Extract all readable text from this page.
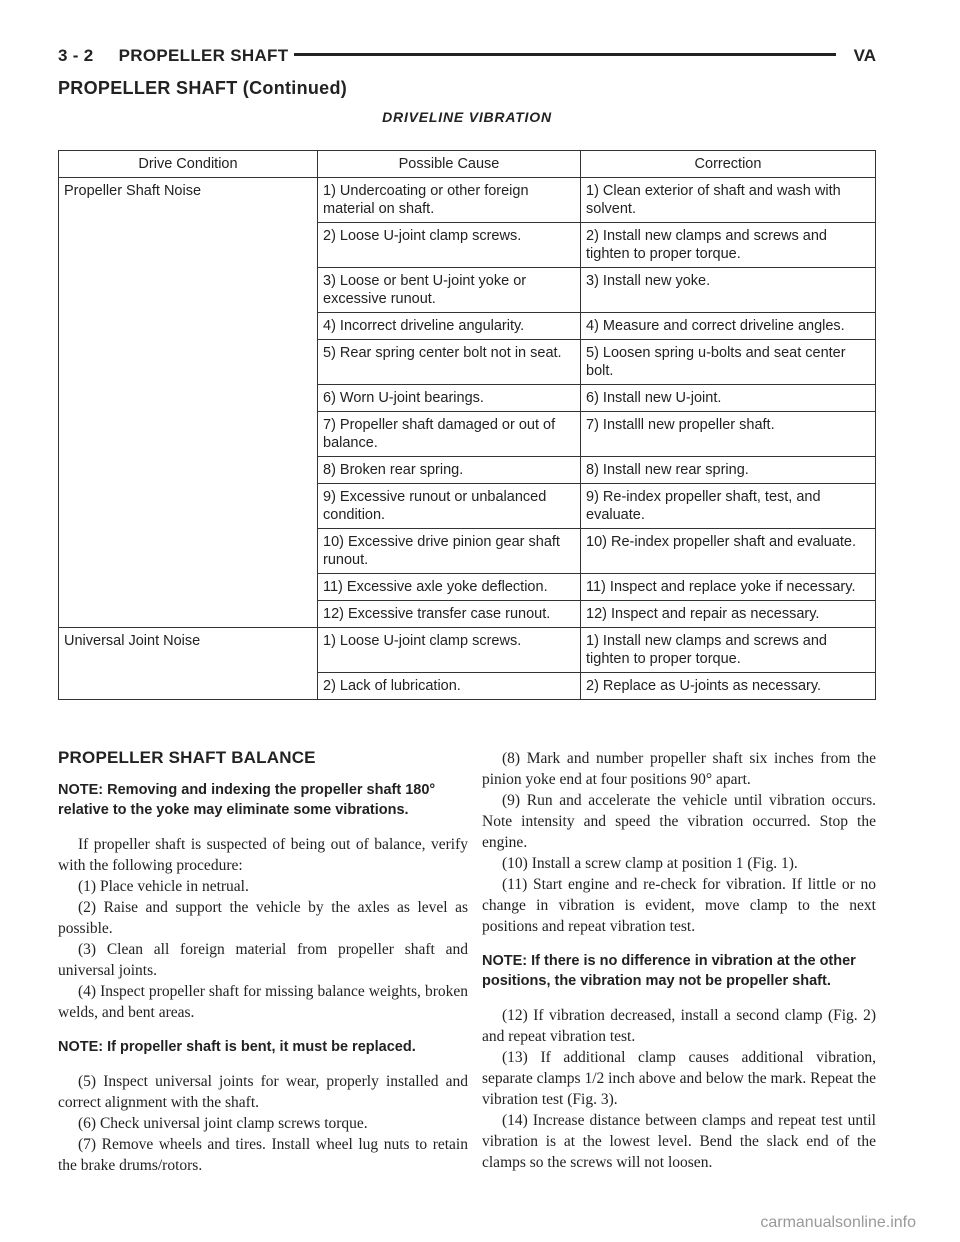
3 - 2     PROPELLER SHAFT	VA
PROPELLER SHAFT (Continued)
DRIVELINE VIBRATION
Drive Condition	Possible Cause	Correction
Propeller Shaft Noise	1) Undercoating or other foreign material on shaft.	1) Clean exterior of shaft and wash with solvent.
	2) Loose U-joint clamp screws.	2) Install new clamps and screws and tighten to proper torque.
	3) Loose or bent U-joint yoke or excessive runout.	3) Install new yoke.
	4) Incorrect driveline angularity.	4) Measure and correct driveline angles.
	5) Rear spring center bolt not in seat.	5) Loosen spring u-bolts and seat center bolt.
	6) Worn U-joint bearings.	6) Install new U-joint.
	7) Propeller shaft damaged or out of balance.	7) Installl new propeller shaft.
	8) Broken rear spring.	8) Install new rear spring.
	9) Excessive runout or unbalanced condition.	9) Re-index propeller shaft, test, and evaluate.
	10) Excessive drive pinion gear shaft runout.	10) Re-index propeller shaft and evaluate.
	11) Excessive axle yoke deflection.	11) Inspect and replace yoke if necessary.
	12) Excessive transfer case runout.	12) Inspect and repair as necessary.
Universal Joint Noise	1) Loose U-joint clamp screws.	1) Install new clamps and screws and tighten to proper torque.
	2) Lack of lubrication.	2) Replace as U-joints as necessary.
PROPELLER SHAFT BALANCE
NOTE: Removing and indexing the propeller shaft 180° relative to the yoke may eliminate some vibrations.

If propeller shaft is suspected of being out of balance, verify with the following procedure:

(1) Place vehicle in netrual.

(2) Raise and support the vehicle by the axles as level as possible.

(3) Clean all foreign material from propeller shaft and universal joints.

(4) Inspect propeller shaft for missing balance weights, broken welds, and bent areas.

NOTE: If propeller shaft is bent, it must be replaced.

(5) Inspect universal joints for wear, properly installed and correct alignment with the shaft.

(6) Check universal joint clamp screws torque.

(7) Remove wheels and tires. Install wheel lug nuts to retain the brake drums/rotors.

(8) Mark and number propeller shaft six inches from the pinion yoke end at four positions 90° apart.

(9) Run and accelerate the vehicle until vibration occurs. Note intensity and speed the vibration occurred. Stop the engine.

(10) Install a screw clamp at position 1 (Fig. 1).

(11) Start engine and re-check for vibration. If little or no change in vibration is evident, move clamp to the next positions and repeat vibration test.

NOTE: If there is no difference in vibration at the other positions, the vibration may not be propeller shaft.

(12) If vibration decreased, install a second clamp (Fig. 2) and repeat vibration test.

(13) If additional clamp causes additional vibration, separate clamps 1/2 inch above and below the mark. Repeat the vibration test (Fig. 3).

(14) Increase distance between clamps and repeat test until vibration is at the lowest level. Bend the slack end of the clamps so the screws will not loosen.

carmanualsonline.info
